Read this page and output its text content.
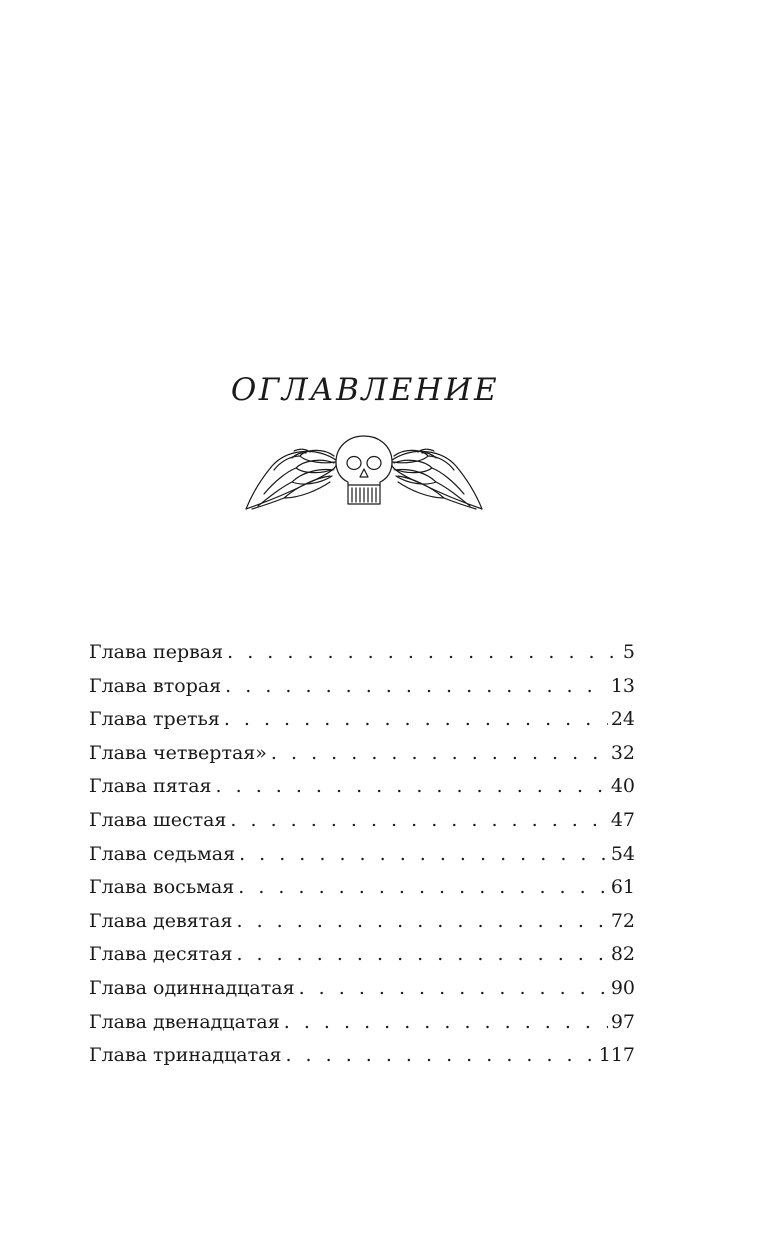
ОГЛАВЛЕНИЕ
Глава первая . . .	5
Глава вторая . . .	13
Глава третья . . .	24
Глава четвертая» . . .	32
Глава пятая . . .	40
Глава шестая . . .	47
Глава седьмая . . .	54
Глава восьмая . . .	61
Глава девятая . . .	72
Глава десятая . . .	82
Глава одиннадцатая . . .	90
Глава двенадцатая . . .	97
Глава тринадцатая . . .	117
